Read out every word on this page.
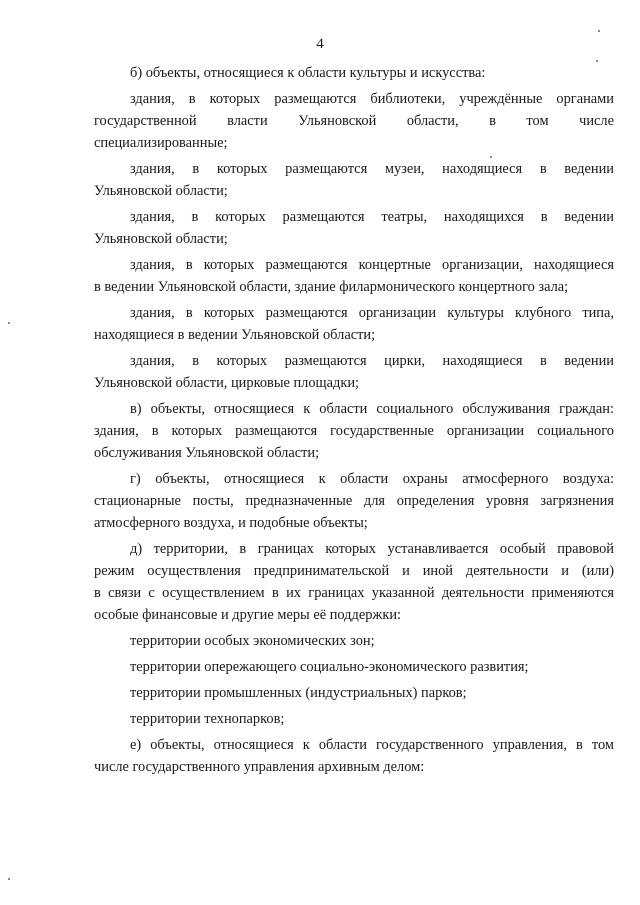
4
б) объекты, относящиеся к области культуры и искусства:
здания, в которых размещаются библиотеки, учреждённые органами
государственной власти Ульяновской области, в том числе
специализированные;
здания, в которых размещаются музеи, находящиеся в ведении
Ульяновской области;
здания, в которых размещаются театры, находящихся в ведении
Ульяновской области;
здания, в которых размещаются концертные организации, находящиеся
в ведении Ульяновской области, здание филармонического концертного зала;
здания, в которых размещаются организации культуры клубного типа,
находящиеся в ведении Ульяновской области;
здания, в которых размещаются цирки, находящиеся в ведении
Ульяновской области, цирковые площадки;
в) объекты, относящиеся к области социального обслуживания граждан:
здания, в которых размещаются государственные организации социального
обслуживания Ульяновской области;
г) объекты, относящиеся к области охраны атмосферного воздуха:
стационарные посты, предназначенные для определения уровня загрязнения
атмосферного воздуха, и подобные объекты;
д) территории, в границах которых устанавливается особый правовой
режим осуществления предпринимательской и иной деятельности и (или)
в связи с осуществлением в их границах указанной деятельности применяются
особые финансовые и другие меры её поддержки:
территории особых экономических зон;
территории опережающего социально-экономического развития;
территории промышленных (индустриальных) парков;
территории технопарков;
е) объекты, относящиеся к области государственного управления, в том
числе государственного управления архивным делом:
